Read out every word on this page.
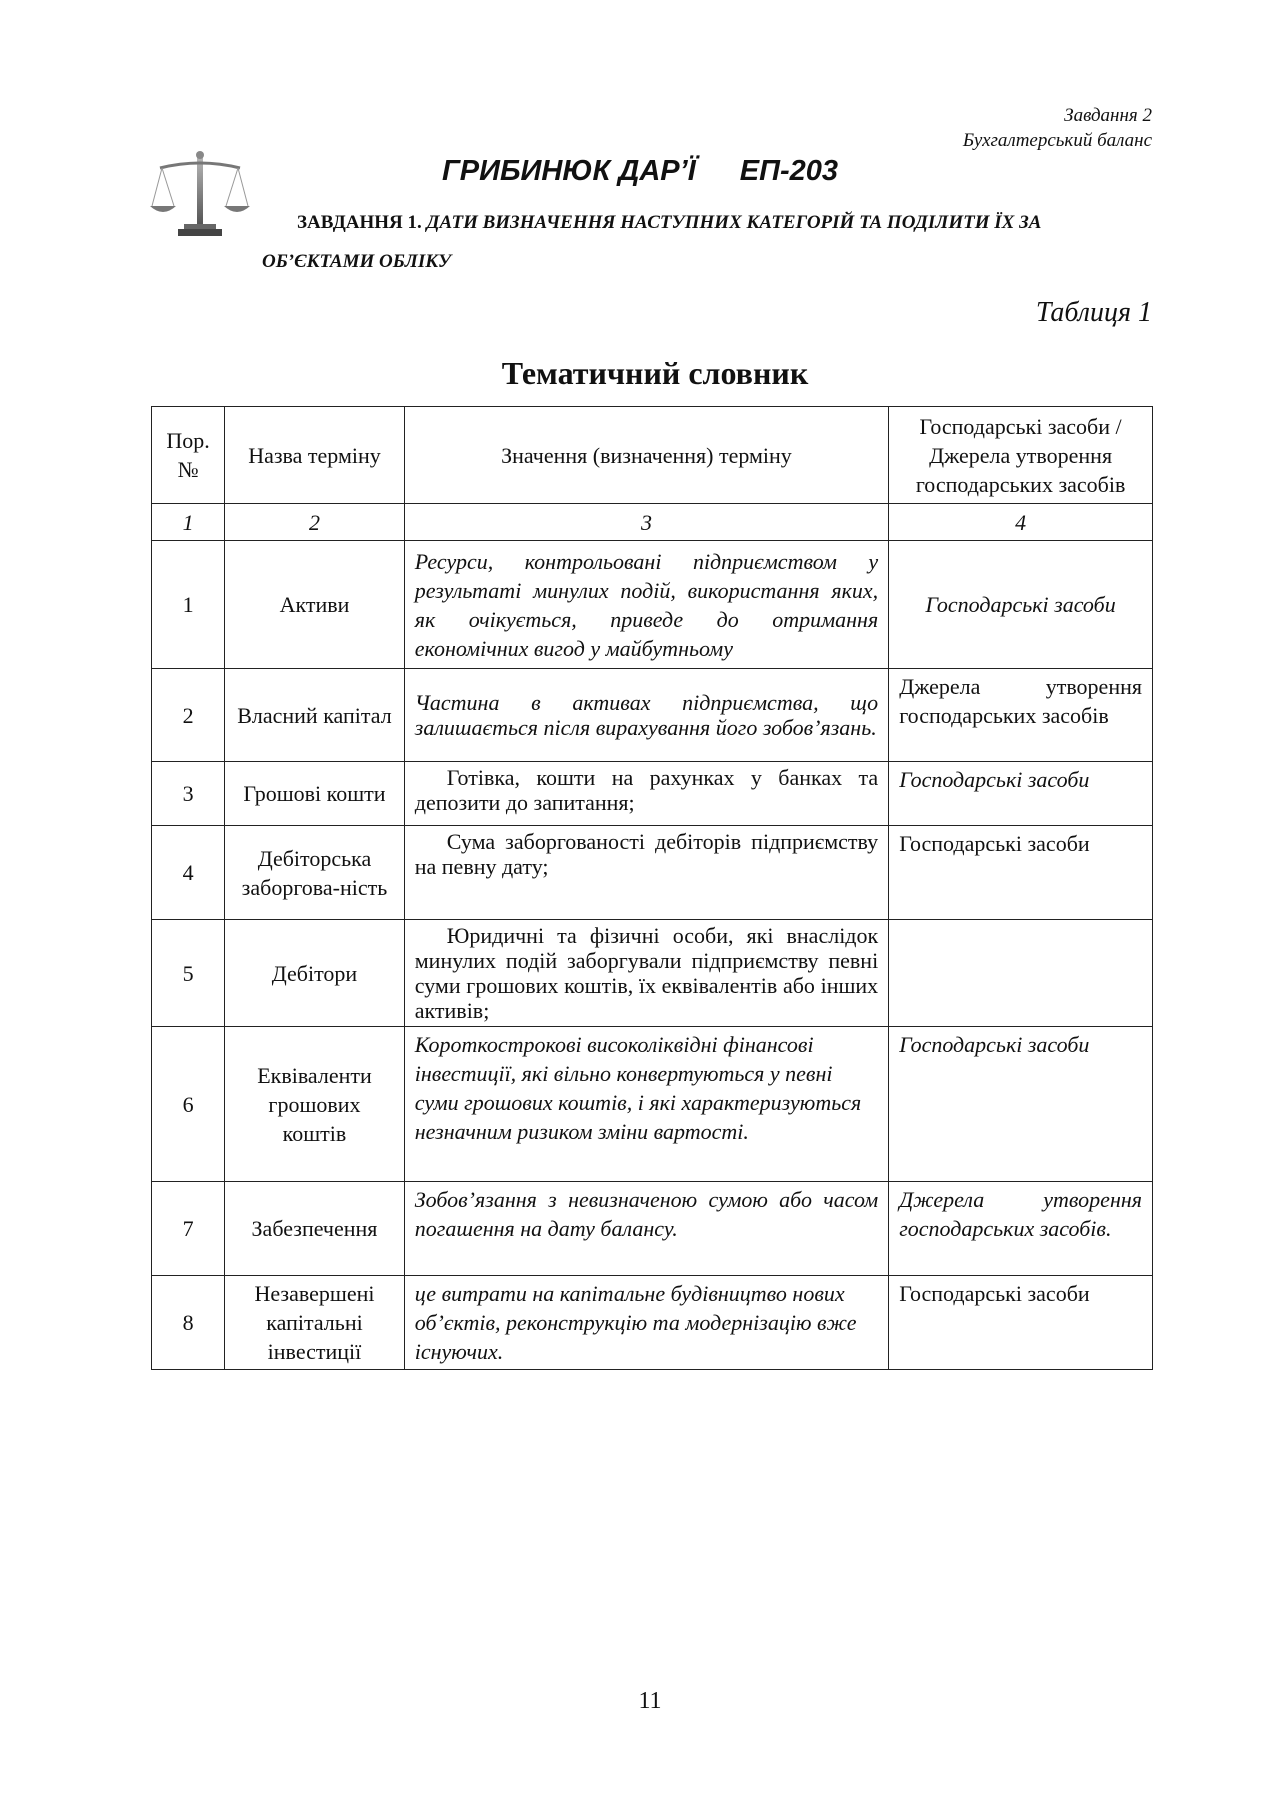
Завдання 2
Бухгалтерський баланс
ГРИБИНЮК ДАР’Ї ЕП-203
ЗАВДАННЯ 1. ДАТИ ВИЗНАЧЕННЯ НАСТУПНИХ КАТЕГОРІЙ ТА ПОДІЛИТИ ЇХ ЗА ОБ’ЄКТАМИ ОБЛІКУ
Таблиця 1
Тематичний словник
Пор. №	Назва терміну	Значення (визначення) терміну	Господарські засоби / Джерела утворення господарських засобів
1	2	3	4
1	Активи	Ресурси, контрольовані підприємством у результаті минулих подій, використання яких, як очікується, приведе до отримання економічних вигод у майбутньому	Господарські засоби
2	Власний капітал	Частина в активах підприємства, що залишається після вирахування його зобов’язань.	Джерела утворення господарських засобів
3	Грошові кошти	Готівка, кошти на рахунках у банках та депозити до запитання;	Господарські засоби
4	Дебіторська заборгова-ність	Сума заборгованості дебіторів підприємству на певну дату;	Господарські засоби
5	Дебітори	Юридичні та фізичні особи, які внаслідок минулих подій заборгували підприємству певні суми грошових коштів, їх еквівалентів або інших активів;	
6	Еквіваленти грошових коштів	Короткострокові високоліквідні фінансові інвестиції, які вільно конвертуються у певні суми грошових коштів, і які характеризуються незначним ризиком зміни вартості.	Господарські засоби
7	Забезпечення	Зобов’язання з невизначеною сумою або часом погашення на дату балансу.	Джерела утворення господарських засобів.
8	Незавершені капітальні інвестиції	це витрати на капітальне будівництво нових об’єктів, реконструкцію та модернізацію вже існуючих.	Господарські засоби
11
